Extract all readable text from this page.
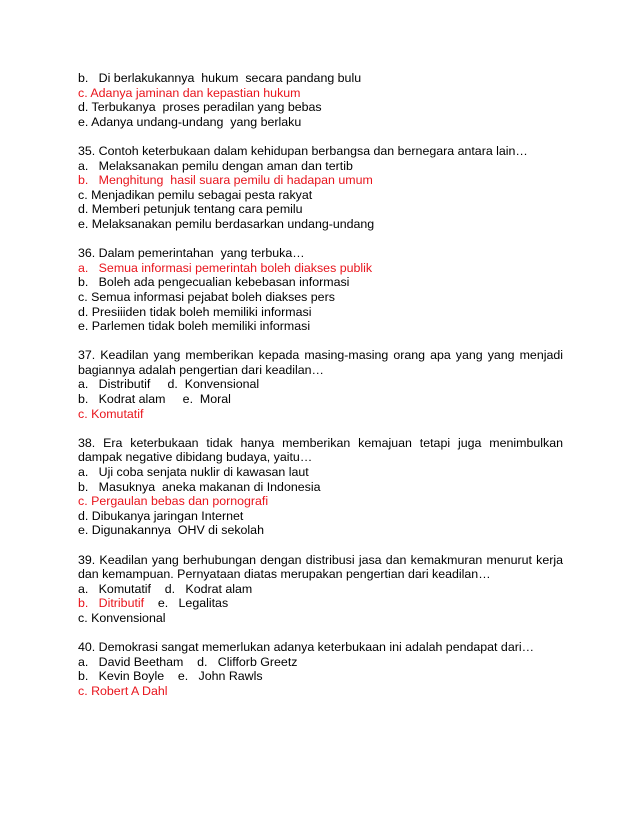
b.   Di berlakukannya  hukum  secara pandang bulu
c. Adanya jaminan dan kepastian hukum
d. Terbukanya  proses peradilan yang bebas
e. Adanya undang-undang  yang berlaku
35. Contoh keterbukaan dalam kehidupan berbangsa dan bernegara antara lain…
a.   Melaksanakan pemilu dengan aman dan tertib
b.   Menghitung  hasil suara pemilu di hadapan umum
c. Menjadikan pemilu sebagai pesta rakyat
d. Memberi petunjuk tentang cara pemilu
e. Melaksanakan pemilu berdasarkan undang-undang
36. Dalam pemerintahan  yang terbuka…
a.   Semua informasi pemerintah boleh diakses publik
b.   Boleh ada pengecualian kebebasan informasi
c. Semua informasi pejabat boleh diakses pers
d. Presiiiden tidak boleh memiliki informasi
e. Parlemen tidak boleh memiliki informasi
37. Keadilan yang memberikan kepada masing-masing orang apa yang yang menjadi bagiannya adalah pengertian dari keadilan…
a.   Distributif     d.  Konvensional
b.   Kodrat alam     e.  Moral
c. Komutatif
38. Era keterbukaan tidak hanya memberikan kemajuan tetapi juga menimbulkan dampak negative dibidang budaya, yaitu…
a.   Uji coba senjata nuklir di kawasan laut
b.   Masuknya  aneka makanan di Indonesia
c. Pergaulan bebas dan pornografi
d. Dibukanya jaringan Internet
e. Digunakannya  OHV di sekolah
39. Keadilan yang berhubungan dengan distribusi jasa dan kemakmuran menurut kerja dan kemampuan. Pernyataan diatas merupakan pengertian dari keadilan…
a.   Komutatif    d.   Kodrat alam
b.   Ditributif    e.   Legalitas
c. Konvensional
40. Demokrasi sangat memerlukan adanya keterbukaan ini adalah pendapat dari…
a.   David Beetham    d.   Clifforb Greetz
b.   Kevin Boyle    e.   John Rawls
c. Robert A Dahl
